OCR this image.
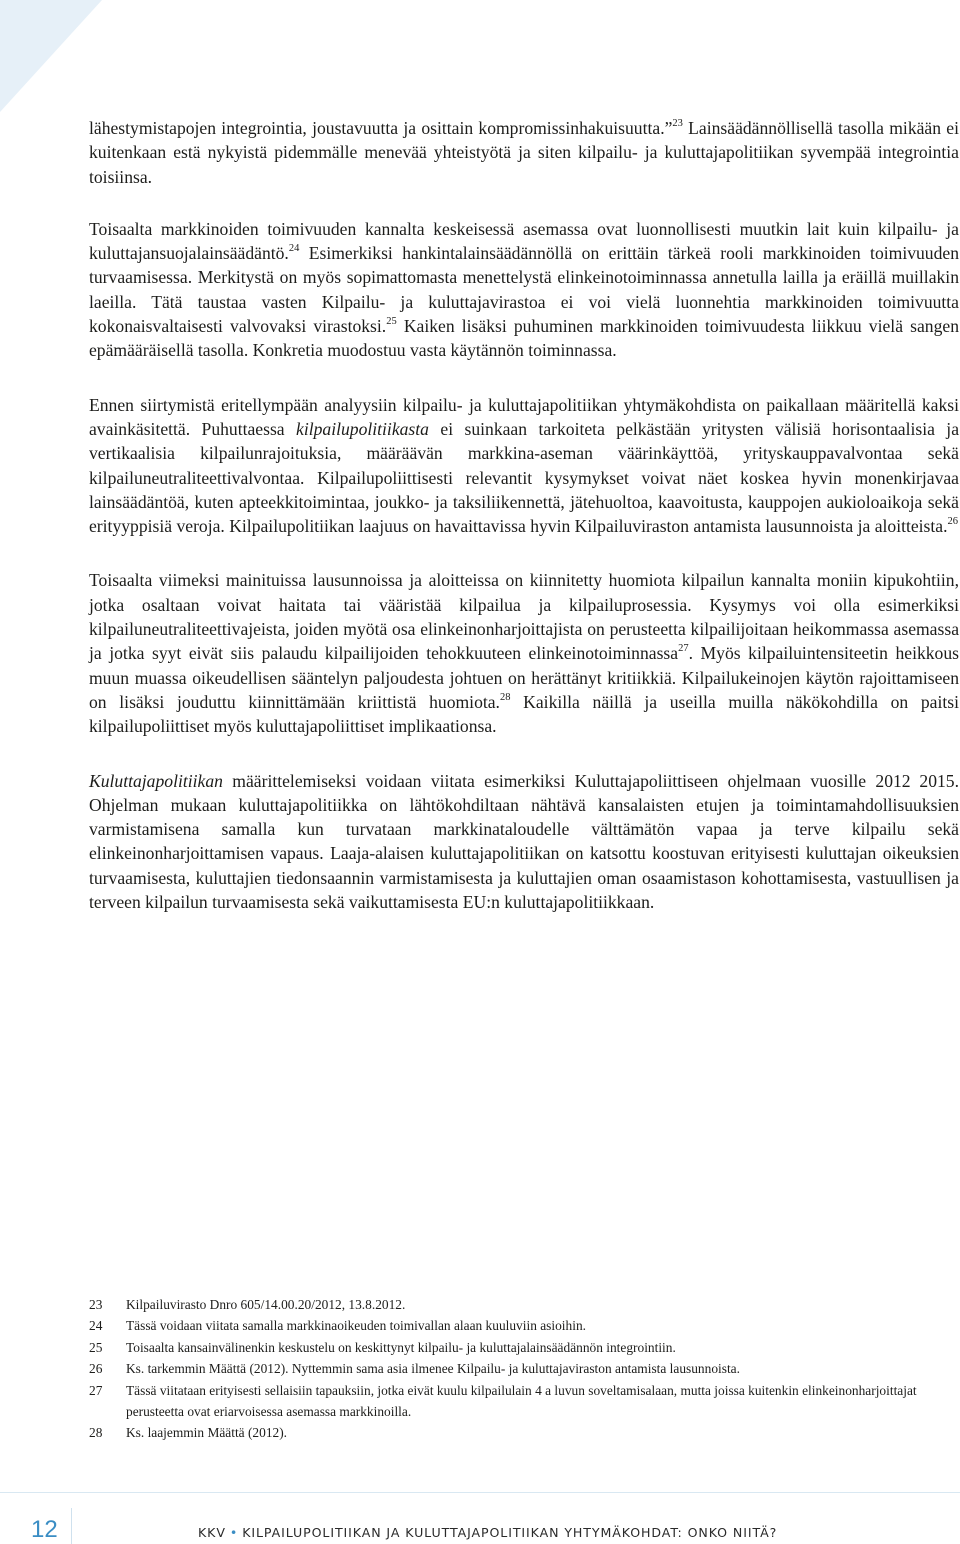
lähestymistapojen integrointia, joustavuutta ja osittain kompromissinhakuisuutta.”$^{23}$ Lainsäädännöllisellä tasolla mikään ei kuitenkaan estä nykyistä pidemmälle menevää yhteistyötä ja siten kilpailu- ja kuluttajapolitiikan syvempää integrointia toisiinsa.

Toisaalta markkinoiden toimivuuden kannalta keskeisessä asemassa ovat luonnollisesti muutkin lait kuin kilpailu- ja kuluttajansuojalainsäädäntö.$^{24}$ Esimerkiksi hankintalainsäädännöllä on erittäin tärkeä rooli markkinoiden toimivuuden turvaamisessa. Merkitystä on myös sopimattomasta menettelystä elinkeinotoiminnassa annetulla lailla ja eräillä muillakin laeilla. Tätä taustaa vasten Kilpailu- ja kuluttajavirastoa ei voi vielä luonnehtia markkinoiden toimivuutta kokonaisvaltaisesti valvovaksi virastoksi.$^{25}$ Kaiken lisäksi puhuminen markkinoiden toimivuudesta liikkuu vielä sangen epämääräisellä tasolla. Konkretia muodostuu vasta käytännön toiminnassa.

Ennen siirtymistä eritellympään analyysiin kilpailu- ja kuluttajapolitiikan yhtymäkohdista on paikallaan määritellä kaksi avainkäsitettä. Puhuttaessa kilpailupolitiikasta ei suinkaan tarkoiteta pelkästään yritysten välisiä horisontaalisia ja vertikaalisia kilpailunrajoituksia, määräävän markkina-aseman väärinkäyttöä, yrityskauppavalvontaa sekä kilpailuneutraliteettivalvontaa. Kilpailupoliittisesti relevantit kysymykset voivat näet koskea hyvin monenkirjavaa lainsäädäntöä, kuten apteekkitoimintaa, joukko- ja taksiliikennettä, jätehuoltoa, kaavoitusta, kauppojen aukioloaikoja sekä erityyppisiä veroja. Kilpailupolitiikan laajuus on havaittavissa hyvin Kilpailuviraston antamista lausunnoista ja aloitteista.$^{26}$

Toisaalta viimeksi mainituissa lausunnoissa ja aloitteissa on kiinnitetty huomiota kilpailun kannalta moniin kipukohtiin, jotka osaltaan voivat haitata tai vääristää kilpailua ja kilpailuprosessia. Kysymys voi olla esimerkiksi kilpailuneutraliteettivajeista, joiden myötä osa elinkeinonharjoittajista on perusteetta kilpailijoitaan heikommassa asemassa ja jotka syyt eivät siis palaudu kilpailijoiden tehokkuuteen elinkeinotoiminnassa$^{27}$. Myös kilpailuintensiteetin heikkous muun muassa oikeudellisen sääntelyn paljoudesta johtuen on herättänyt kritiikkiä. Kilpailukeinojen käytön rajoittamiseen on lisäksi jouduttu kiinnittämään kriittistä huomiota.$^{28}$ Kaikilla näillä ja useilla muilla näkökohdilla on paitsi kilpailupoliittiset myös kuluttajapoliittiset implikaationsa.

Kuluttajapolitiikan määrittelemiseksi voidaan viitata esimerkiksi Kuluttajapoliittiseen ohjelmaan vuosille 2012 2015. Ohjelman mukaan kuluttajapolitiikka on lähtökohdiltaan nähtävä kansalaisten etujen ja toimintamahdollisuuksien varmistamisena samalla kun turvataan markkinataloudelle välttämätön vapaa ja terve kilpailu sekä elinkeinonharjoittamisen vapaus. Laaja-alaisen kuluttajapolitiikan on katsottu koostuvan erityisesti kuluttajan oikeuksien turvaamisesta, kuluttajien tiedonsaannin varmistamisesta ja kuluttajien oman osaamistason kohottamisesta, vastuullisen ja terveen kilpailun turvaamisesta sekä vaikuttamisesta EU:n kuluttajapolitiikkaan.

23	Kilpailuvirasto Dnro 605/14.00.20/2012, 13.8.2012.
24	Tässä voidaan viitata samalla markkinaoikeuden toimivallan alaan kuuluviin asioihin.
25	Toisaalta kansainvälinenkin keskustelu on keskittynyt kilpailu- ja kuluttajalainsäädännön integrointiin.
26	Ks. tarkemmin Määttä (2012). Nyttemmin sama asia ilmenee Kilpailu- ja kuluttajaviraston antamista lausunnoista.
27	Tässä viitataan erityisesti sellaisiin tapauksiin, jotka eivät kuulu kilpailulain 4 a luvun soveltamisalaan, mutta joissa kuitenkin elinkeinonharjoittajat perusteetta ovat eriarvoisessa asemassa markkinoilla.
28	Ks. laajemmin Määttä (2012).
12	KKV • KILPAILUPOLITIIKAN JA KULUTTAJAPOLITIIKAN YHTYMÄKOHDAT: ONKO NIITÄ?
